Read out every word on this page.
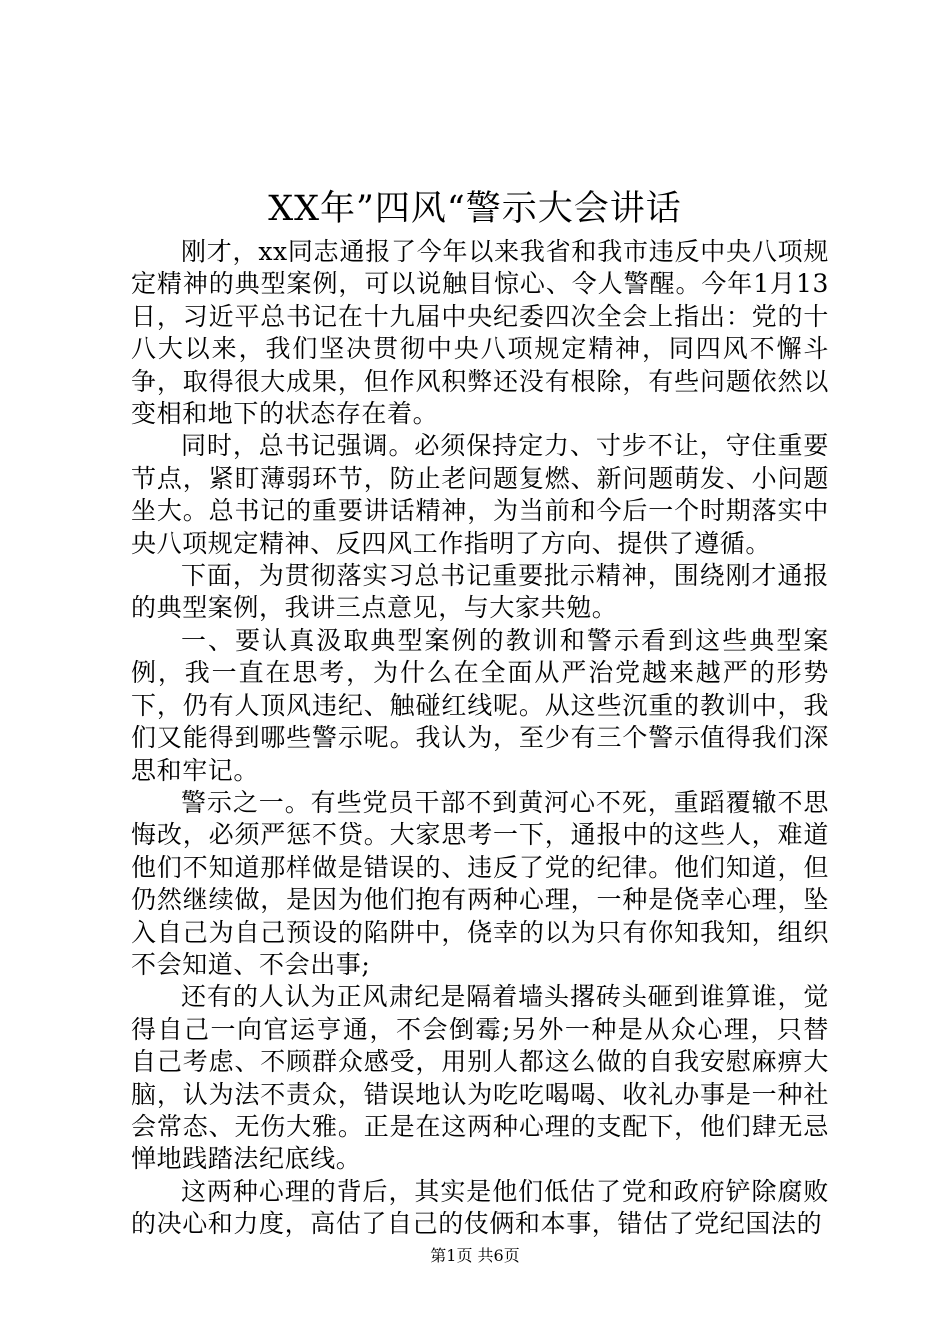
XX年”四风“警示大会讲话

刚才，xx同志通报了今年以来我省和我市违反中央八项规定精神的典型案例，可以说触目惊心、令人警醒。今年1月13日，习近平总书记在十九届中央纪委四次全会上指出：党的十八大以来，我们坚决贯彻中央八项规定精神，同四风不懈斗争，取得很大成果，但作风积弊还没有根除，有些问题依然以变相和地下的状态存在着。

同时，总书记强调。必须保持定力、寸步不让，守住重要节点，紧盯薄弱环节，防止老问题复燃、新问题萌发、小问题坐大。总书记的重要讲话精神，为当前和今后一个时期落实中央八项规定精神、反四风工作指明了方向、提供了遵循。

下面，为贯彻落实习总书记重要批示精神，围绕刚才通报的典型案例，我讲三点意见，与大家共勉。

一、要认真汲取典型案例的教训和警示看到这些典型案例，我一直在思考，为什么在全面从严治党越来越严的形势下，仍有人顶风违纪、触碰红线呢。从这些沉重的教训中，我们又能得到哪些警示呢。我认为，至少有三个警示值得我们深思和牢记。

警示之一。有些党员干部不到黄河心不死，重蹈覆辙不思悔改，必须严惩不贷。大家思考一下，通报中的这些人，难道他们不知道那样做是错误的、违反了党的纪律。他们知道，但仍然继续做，是因为他们抱有两种心理，一种是侥幸心理，坠入自己为自己预设的陷阱中，侥幸的以为只有你知我知，组织不会知道、不会出事;

还有的人认为正风肃纪是隔着墙头撂砖头砸到谁算谁，觉得自己一向官运亨通，不会倒霉;另外一种是从众心理，只替自己考虑、不顾群众感受，用别人都这么做的自我安慰麻痹大脑，认为法不责众，错误地认为吃吃喝喝、收礼办事是一种社会常态、无伤大雅。正是在这两种心理的支配下，他们肆无忌惮地践踏法纪底线。

这两种心理的背后，其实是他们低估了党和政府铲除腐败的决心和力度，高估了自己的伎俩和本事，错估了党纪国法的

第1页 共6页
